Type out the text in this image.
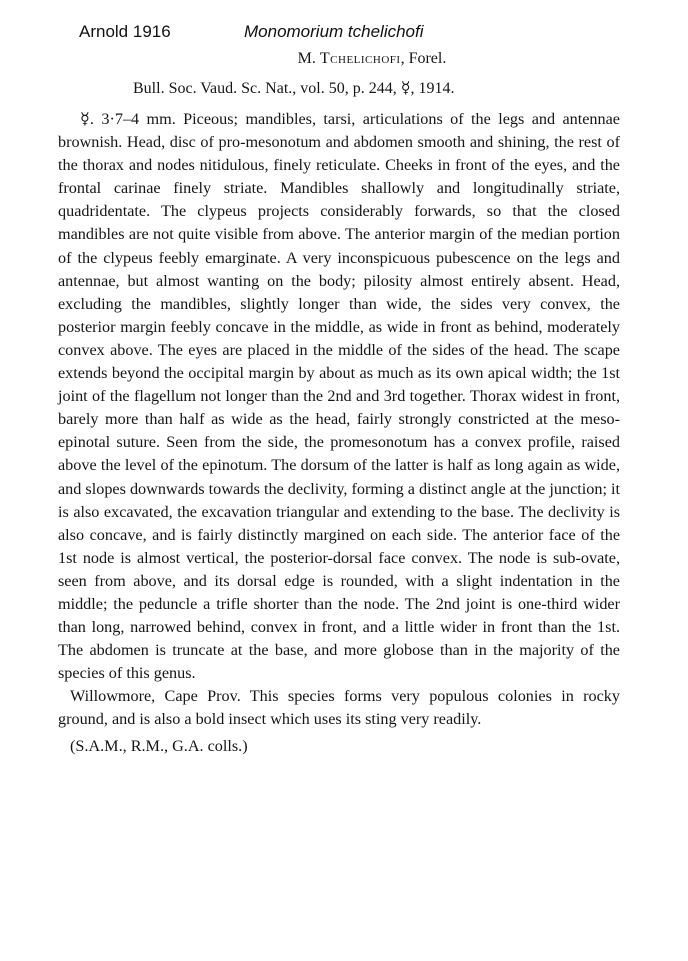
Arnold 1916	Monomorium tchelichofi
M. Tchelichofi, Forel.
Bull. Soc. Vaud. Sc. Nat., vol. 50, p. 244, ☿, 1914.

☿. 3·7–4 mm. Piceous; mandibles, tarsi, articulations of the legs and antennae brownish. Head, disc of pro-mesonotum and abdomen smooth and shining, the rest of the thorax and nodes nitidulous, finely reticulate. Cheeks in front of the eyes, and the frontal carinae finely striate. Mandibles shallowly and longitudinally striate, quadridentate. The clypeus projects considerably forwards, so that the closed mandibles are not quite visible from above. The anterior margin of the median portion of the clypeus feebly emarginate. A very inconspicuous pubescence on the legs and antennae, but almost wanting on the body; pilosity almost entirely absent. Head, excluding the mandibles, slightly longer than wide, the sides very convex, the posterior margin feebly concave in the middle, as wide in front as behind, moderately convex above. The eyes are placed in the middle of the sides of the head. The scape extends beyond the occipital margin by about as much as its own apical width; the 1st joint of the flagellum not longer than the 2nd and 3rd together. Thorax widest in front, barely more than half as wide as the head, fairly strongly constricted at the meso-epinotal suture. Seen from the side, the promesonotum has a convex profile, raised above the level of the epinotum. The dorsum of the latter is half as long again as wide, and slopes downwards towards the declivity, forming a distinct angle at the junction; it is also excavated, the excavation triangular and extending to the base. The declivity is also concave, and is fairly distinctly margined on each side. The anterior face of the 1st node is almost vertical, the posterior-dorsal face convex. The node is sub-ovate, seen from above, and its dorsal edge is rounded, with a slight indentation in the middle; the peduncle a trifle shorter than the node. The 2nd joint is one-third wider than long, narrowed behind, convex in front, and a little wider in front than the 1st. The abdomen is truncate at the base, and more globose than in the majority of the species of this genus.

Willowmore, Cape Prov. This species forms very populous colonies in rocky ground, and is also a bold insect which uses its sting very readily.

(S.A.M., R.M., G.A. colls.)
